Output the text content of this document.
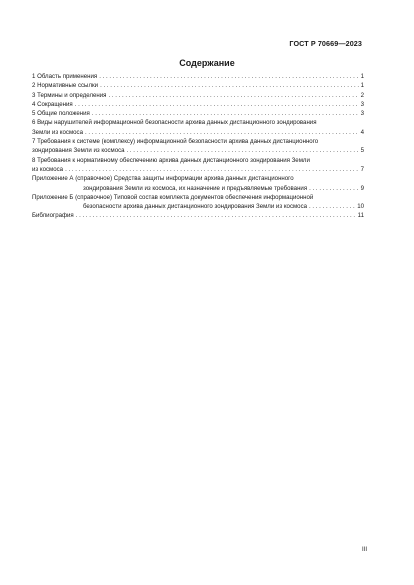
ГОСТ Р 70669—2023
Содержание
1 Область применения . . .	1
2 Нормативные ссылки . . .	1
3 Термины и определения . . .	2
4 Сокращения . . .	3
5 Общие положения . . .	3
6 Виды нарушителей информационной безопасности архива данных дистанционного зондирования
Земли из космоса . . .	4
7 Требования к системе (комплексу) информационной безопасности архива данных дистанционного
зондирования Земли из космоса . . .	5
8 Требования к нормативному обеспечению архива данных дистанционного зондирования Земли
из космоса . . .	7
Приложение А (справочное) Средства защиты информации архива данных дистанционного
зондирования Земли из космоса, их назначение и предъявляемые требования . . .	9
Приложение Б (справочное) Типовой состав комплекта документов обеспечения информационной
безопасности архива данных дистанционного зондирования Земли из космоса . . .	10
Библиография . . .	11
III
